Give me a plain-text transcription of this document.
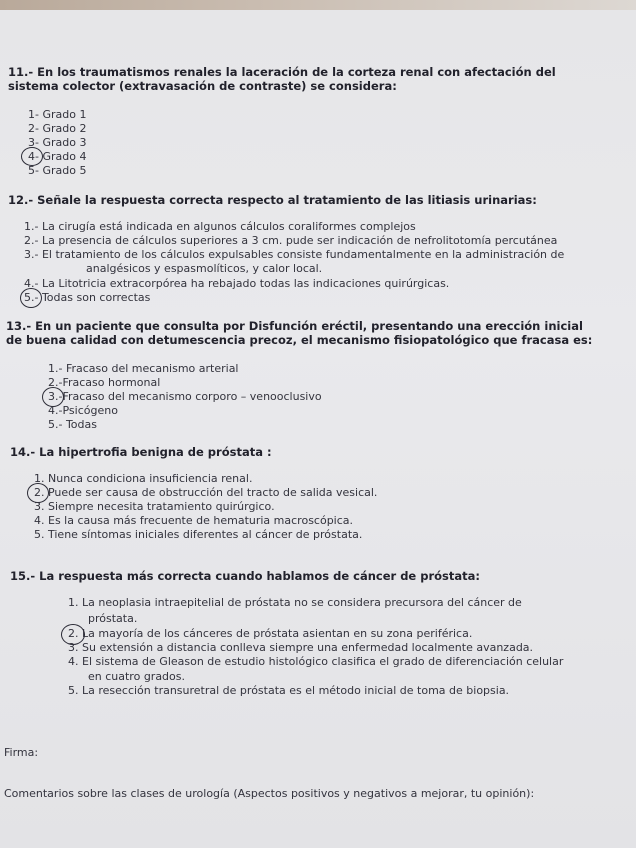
11.- En los traumatismos renales la laceración de la corteza renal con afectación del
sistema colector (extravasación de contraste) se considera:
1- Grado 1
2- Grado 2
3- Grado 3
4- Grado 4
5- Grado 5
12.- Señale la respuesta correcta respecto al tratamiento de las litiasis urinarias:
1.- La cirugía está indicada en algunos cálculos coraliformes complejos
2.- La presencia de cálculos superiores a 3 cm. pude ser indicación de nefrolitotomía percutánea
3.- El tratamiento de los cálculos expulsables consiste fundamentalmente en la administración de
analgésicos y espasmolíticos, y calor local.
4.- La Litotricia extracorpórea ha rebajado todas las indicaciones quirúrgicas.
5.- Todas son correctas
13.- En un paciente que consulta por Disfunción eréctil, presentando una erección inicial
de buena calidad con detumescencia precoz, el mecanismo fisiopatológico que fracasa es:
1.- Fracaso del mecanismo arterial
2.-Fracaso hormonal
3.-Fracaso del mecanismo corporo – venooclusivo
4.-Psicógeno
5.- Todas
14.- La hipertrofia benigna de próstata :
1. Nunca condiciona insuficiencia renal.
2. Puede ser causa de obstrucción del tracto de salida vesical.
3. Siempre necesita tratamiento quirúrgico.
4. Es la causa más frecuente de hematuria macroscópica.
5. Tiene síntomas iniciales diferentes al cáncer de próstata.
15.- La respuesta más correcta cuando hablamos de cáncer de próstata:
1. La neoplasia intraepitelial de próstata no se considera precursora del cáncer de
próstata.
2. La mayoría de los cánceres de próstata asientan en su zona periférica.
3. Su extensión a distancia conlleva siempre una enfermedad localmente avanzada.
4. El sistema de Gleason de estudio histológico clasifica el grado de diferenciación celular
en cuatro grados.
5. La resección transuretral de próstata es el método inicial de toma de biopsia.
Firma:
Comentarios sobre las clases de urología (Aspectos positivos y negativos a mejorar, tu opinión):
